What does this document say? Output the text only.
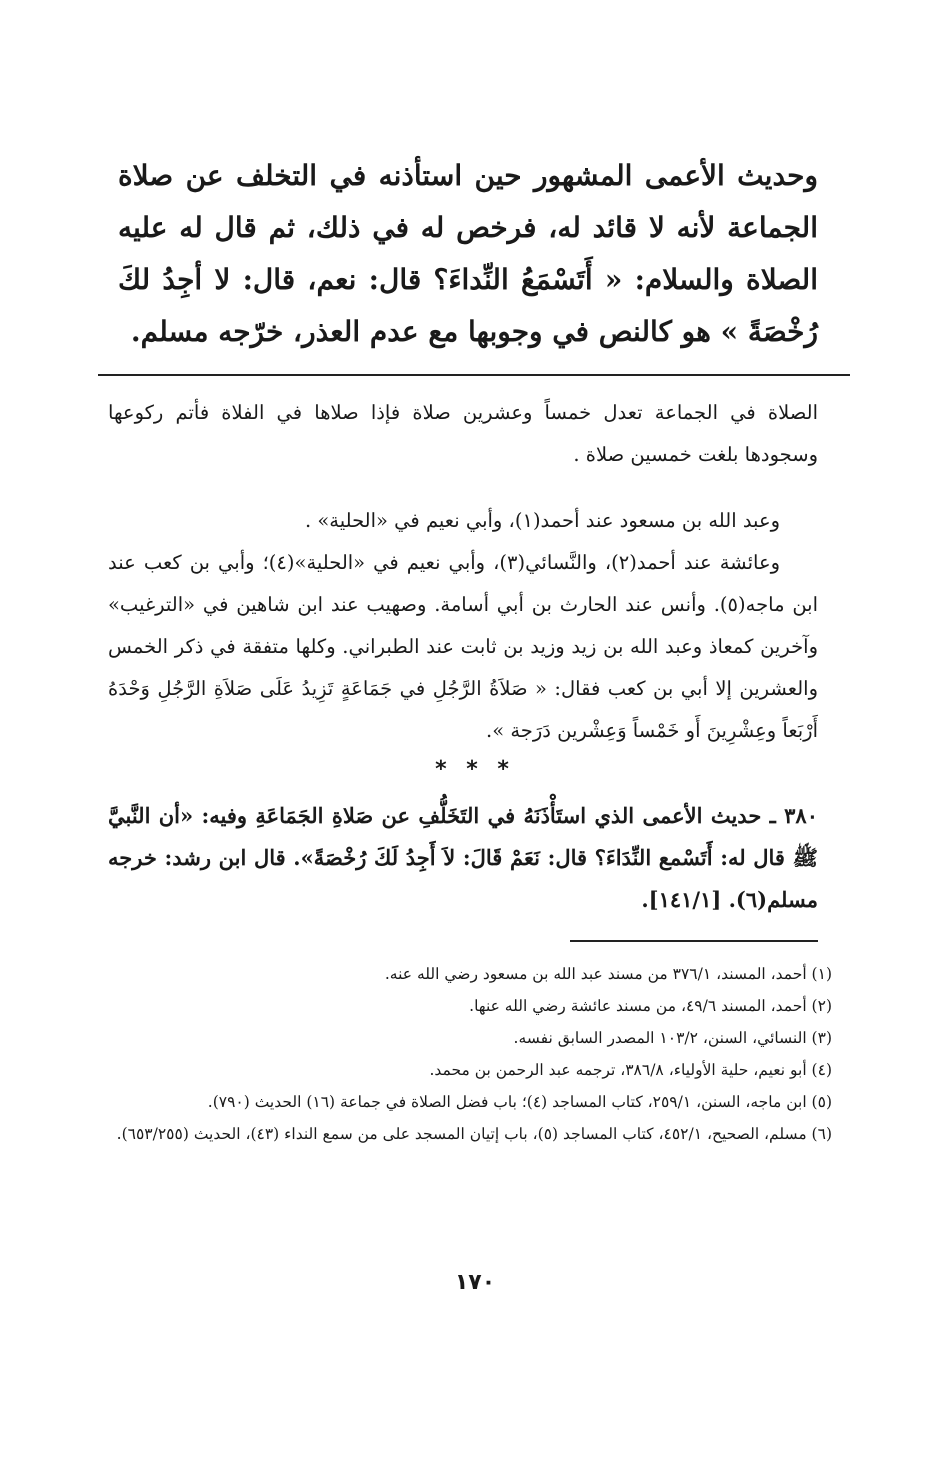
وحديث الأعمى المشهور حين استأذنه في التخلف عن صلاة الجماعة لأنه لا قائد له، فرخص له في ذلك، ثم قال له عليه الصلاة والسلام: « أَتَسْمَعُ النِّداءَ؟ قال: نعم، قال: لا أجِدُ لكَ رُخْصَةً » هو كالنص في وجوبها مع عدم العذر، خرّجه مسلم.

الصلاة في الجماعة تعدل خمساً وعشرين صلاة فإذا صلاها في الفلاة فأتم ركوعها وسجودها بلغت خمسين صلاة .

وعبد الله بن مسعود عند أحمد(١)، وأبي نعيم في «الحلية» .

وعائشة عند أحمد(٢)، والنَّسائي(٣)، وأبي نعيم في «الحلية»(٤)؛ وأبي بن كعب عند ابن ماجه(٥). وأنس عند الحارث بن أبي أسامة. وصهيب عند ابن شاهين في «الترغيب» وآخرين كمعاذ وعبد الله بن زيد وزيد بن ثابت عند الطبراني. وكلها متفقة في ذكر الخمس والعشرين إلا أبي بن كعب فقال: « صَلاَةُ الرَّجُلِ في جَمَاعَةٍ تَزِيدُ عَلَى صَلاَةِ الرَّجُلِ وَحْدَهُ أَرْبَعاً وعِشْرِينَ أَو خَمْساً وَعِشْرين دَرَجة ».

* * *

٣٨٠ ـ حديث الأعمى الذي استَأْذَنَهُ في التَخَلُّفِ عن صَلاةِ الجَمَاعَةِ وفيه: «أن النَّبيَّ ﷺ قال له: أَتَسْمع النِّدَاءَ؟ قال: نَعَمْ قَالَ: لاَ أَجِدُ لَكَ رُخْصَةً». قال ابن رشد: خرجه مسلم(٦). [١٤١/١].

(١) أحمد، المسند، ٣٧٦/١ من مسند عبد الله بن مسعود رضي الله عنه.

(٢) أحمد، المسند ٤٩/٦، من مسند عائشة رضي الله عنها.

(٣) النسائي، السنن، ١٠٣/٢ المصدر السابق نفسه.

(٤) أبو نعيم، حلية الأولياء، ٣٨٦/٨، ترجمه عبد الرحمن بن محمد.

(٥) ابن ماجه، السنن، ٢٥٩/١، كتاب المساجد (٤)؛ باب فضل الصلاة في جماعة (١٦) الحديث (٧٩٠).

(٦) مسلم، الصحيح، ٤٥٢/١، كتاب المساجد (٥)، باب إتيان المسجد على من سمع النداء (٤٣)، الحديث (٦٥٣/٢٥٥).

١٧٠
